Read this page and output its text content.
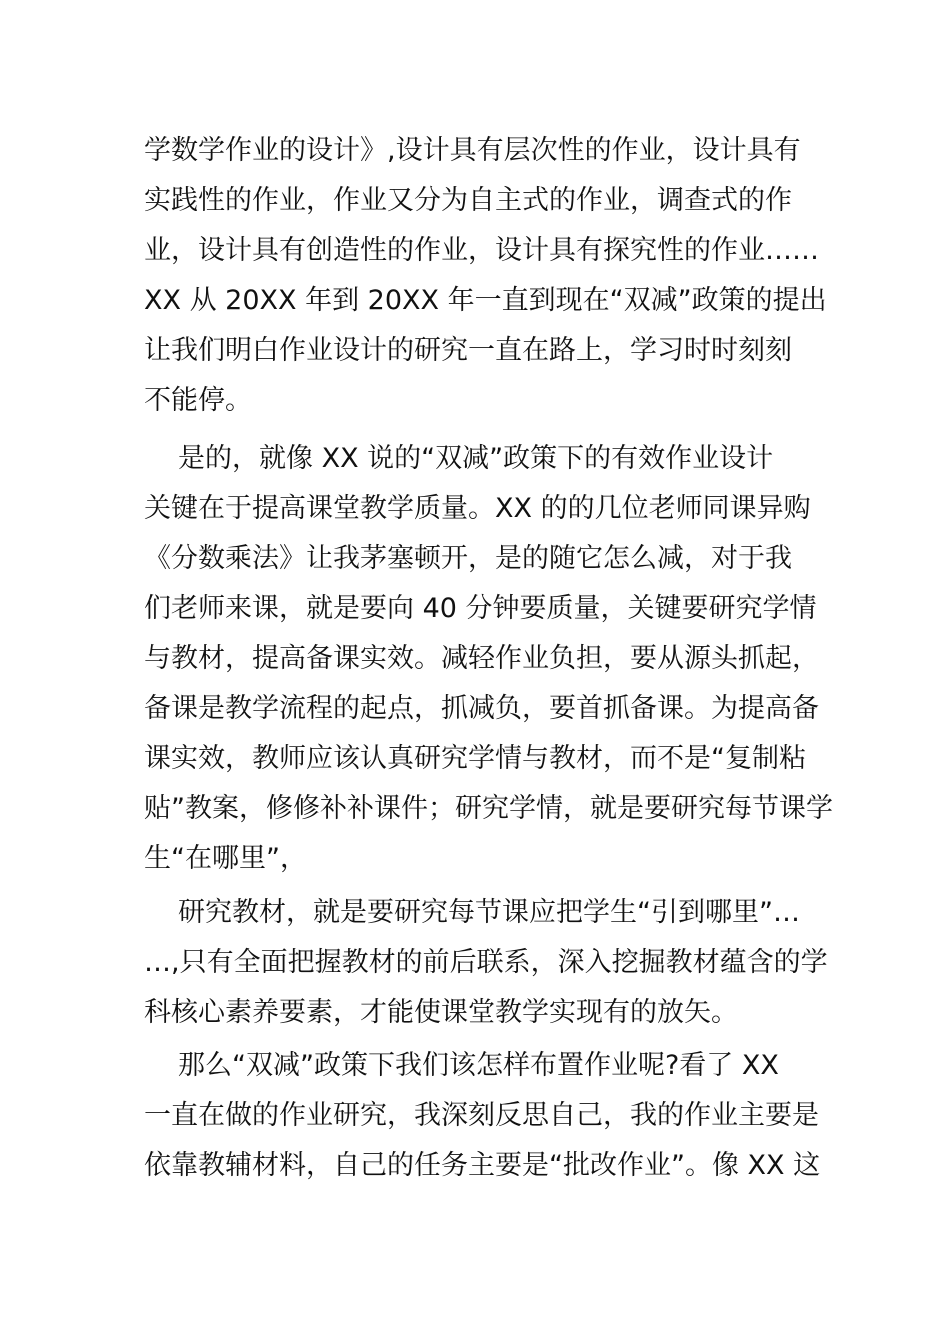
学数学作业的设计》,设计具有层次性的作业，设计具有
实践性的作业，作业又分为自主式的作业，调查式的作
业，设计具有创造性的作业，设计具有探究性的作业……
XX 从 20XX 年到 20XX 年一直到现在“双减”政策的提出
让我们明白作业设计的研究一直在路上，学习时时刻刻
不能停。
是的，就像 XX 说的“双减”政策下的有效作业设计
关键在于提高课堂教学质量。XX 的的几位老师同课异购
《分数乘法》让我茅塞顿开，是的随它怎么减，对于我
们老师来课，就是要向 40 分钟要质量，关键要研究学情
与教材，提高备课实效。减轻作业负担，要从源头抓起，
备课是教学流程的起点，抓减负，要首抓备课。为提高备
课实效，教师应该认真研究学情与教材，而不是“复制粘
贴”教案，修修补补课件；研究学情，就是要研究每节课学
生“在哪里”，
研究教材，就是要研究每节课应把学生“引到哪里”…
…,只有全面把握教材的前后联系，深入挖掘教材蕴含的学
科核心素养要素，才能使课堂教学实现有的放矢。
那么“双减”政策下我们该怎样布置作业呢?看了 XX
一直在做的作业研究，我深刻反思自己，我的作业主要是
依靠教辅材料，自己的任务主要是“批改作业”。像 XX 这
